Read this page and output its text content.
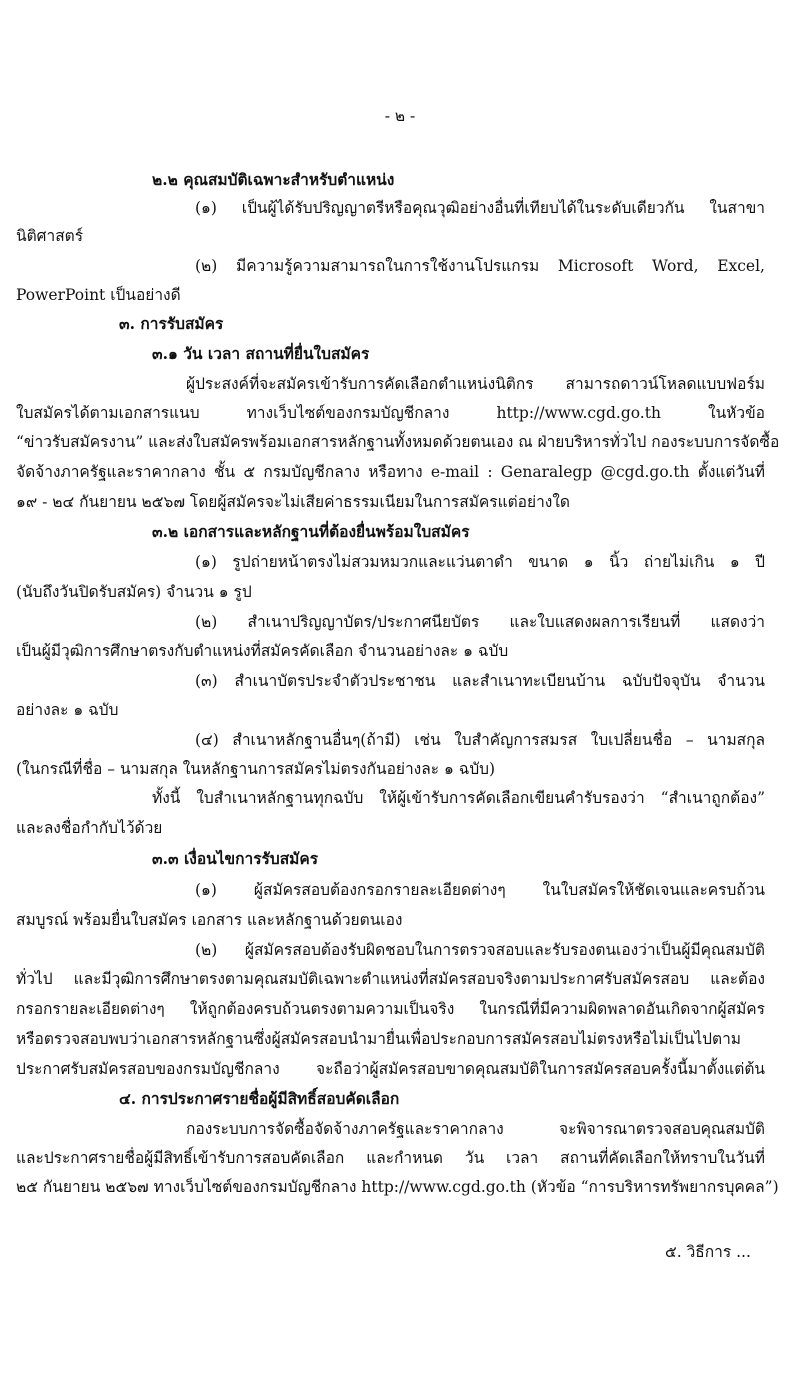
- ๒ -
๒.๒ คุณสมบัติเฉพาะสำหรับตำแหน่ง
(๑) เป็นผู้ได้รับปริญญาตรีหรือคุณวุฒิอย่างอื่นที่เทียบได้ในระดับเดียวกัน ในสาขา
นิติศาสตร์
(๒) มีความรู้ความสามารถในการใช้งานโปรแกรม Microsoft Word, Excel,
PowerPoint เป็นอย่างดี
๓. การรับสมัคร
๓.๑ วัน เวลา สถานที่ยื่นใบสมัคร
ผู้ประสงค์ที่จะสมัครเข้ารับการคัดเลือกตำแหน่งนิติกร สามารถดาวน์โหลดแบบฟอร์ม
ใบสมัครได้ตามเอกสารแนบ ทางเว็บไซต์ของกรมบัญชีกลาง http://www.cgd.go.th ในหัวข้อ
“ข่าวรับสมัครงาน” และส่งใบสมัครพร้อมเอกสารหลักฐานทั้งหมดด้วยตนเอง ณ ฝ่ายบริหารทั่วไป กองระบบการจัดซื้อ
จัดจ้างภาครัฐและราคากลาง ชั้น ๕ กรมบัญชีกลาง หรือทาง e-mail : Genaralegp @cgd.go.th ตั้งแต่วันที่
๑๙ - ๒๔ กันยายน ๒๕๖๗ โดยผู้สมัครจะไม่เสียค่าธรรมเนียมในการสมัครแต่อย่างใด
๓.๒ เอกสารและหลักฐานที่ต้องยื่นพร้อมใบสมัคร
(๑) รูปถ่ายหน้าตรงไม่สวมหมวกและแว่นตาดำ ขนาด ๑ นิ้ว ถ่ายไม่เกิน ๑ ปี
(นับถึงวันปิดรับสมัคร) จำนวน ๑ รูป
(๒) สำเนาปริญญาบัตร/ประกาศนียบัตร และใบแสดงผลการเรียนที่ แสดงว่า
เป็นผู้มีวุฒิการศึกษาตรงกับตำแหน่งที่สมัครคัดเลือก จำนวนอย่างละ ๑ ฉบับ
(๓) สำเนาบัตรประจำตัวประชาชน และสำเนาทะเบียนบ้าน ฉบับปัจจุบัน จำนวน
อย่างละ ๑ ฉบับ
(๔) สำเนาหลักฐานอื่นๆ(ถ้ามี) เช่น ใบสำคัญการสมรส ใบเปลี่ยนชื่อ – นามสกุล
(ในกรณีที่ชื่อ – นามสกุล ในหลักฐานการสมัครไม่ตรงกันอย่างละ ๑ ฉบับ)
ทั้งนี้ ใบสำเนาหลักฐานทุกฉบับ ให้ผู้เข้ารับการคัดเลือกเขียนคำรับรองว่า “สำเนาถูกต้อง”
และลงชื่อกำกับไว้ด้วย
๓.๓ เงื่อนไขการรับสมัคร
(๑) ผู้สมัครสอบต้องกรอกรายละเอียดต่างๆ ในใบสมัครให้ชัดเจนและครบถ้วน
สมบูรณ์ พร้อมยื่นใบสมัคร เอกสาร และหลักฐานด้วยตนเอง
(๒) ผู้สมัครสอบต้องรับผิดชอบในการตรวจสอบและรับรองตนเองว่าเป็นผู้มีคุณสมบัติ
ทั่วไป และมีวุฒิการศึกษาตรงตามคุณสมบัติเฉพาะตำแหน่งที่สมัครสอบจริงตามประกาศรับสมัครสอบ และต้อง
กรอกรายละเอียดต่างๆ ให้ถูกต้องครบถ้วนตรงตามความเป็นจริง ในกรณีที่มีความผิดพลาดอันเกิดจากผู้สมัคร
หรือตรวจสอบพบว่าเอกสารหลักฐานซึ่งผู้สมัครสอบนำมายื่นเพื่อประกอบการสมัครสอบไม่ตรงหรือไม่เป็นไปตาม
ประกาศรับสมัครสอบของกรมบัญชีกลาง จะถือว่าผู้สมัครสอบขาดคุณสมบัติในการสมัครสอบครั้งนี้มาตั้งแต่ต้น
๔. การประกาศรายชื่อผู้มีสิทธิ์สอบคัดเลือก
กองระบบการจัดซื้อจัดจ้างภาครัฐและราคากลาง จะพิจารณาตรวจสอบคุณสมบัติ
และประกาศรายชื่อผู้มีสิทธิ์เข้ารับการสอบคัดเลือก และกำหนด วัน เวลา สถานที่คัดเลือกให้ทราบในวันที่
๒๕ กันยายน ๒๕๖๗ ทางเว็บไซต์ของกรมบัญชีกลาง http://www.cgd.go.th (หัวข้อ “การบริหารทรัพยากรบุคคล”)
๕. วิธีการ ...
